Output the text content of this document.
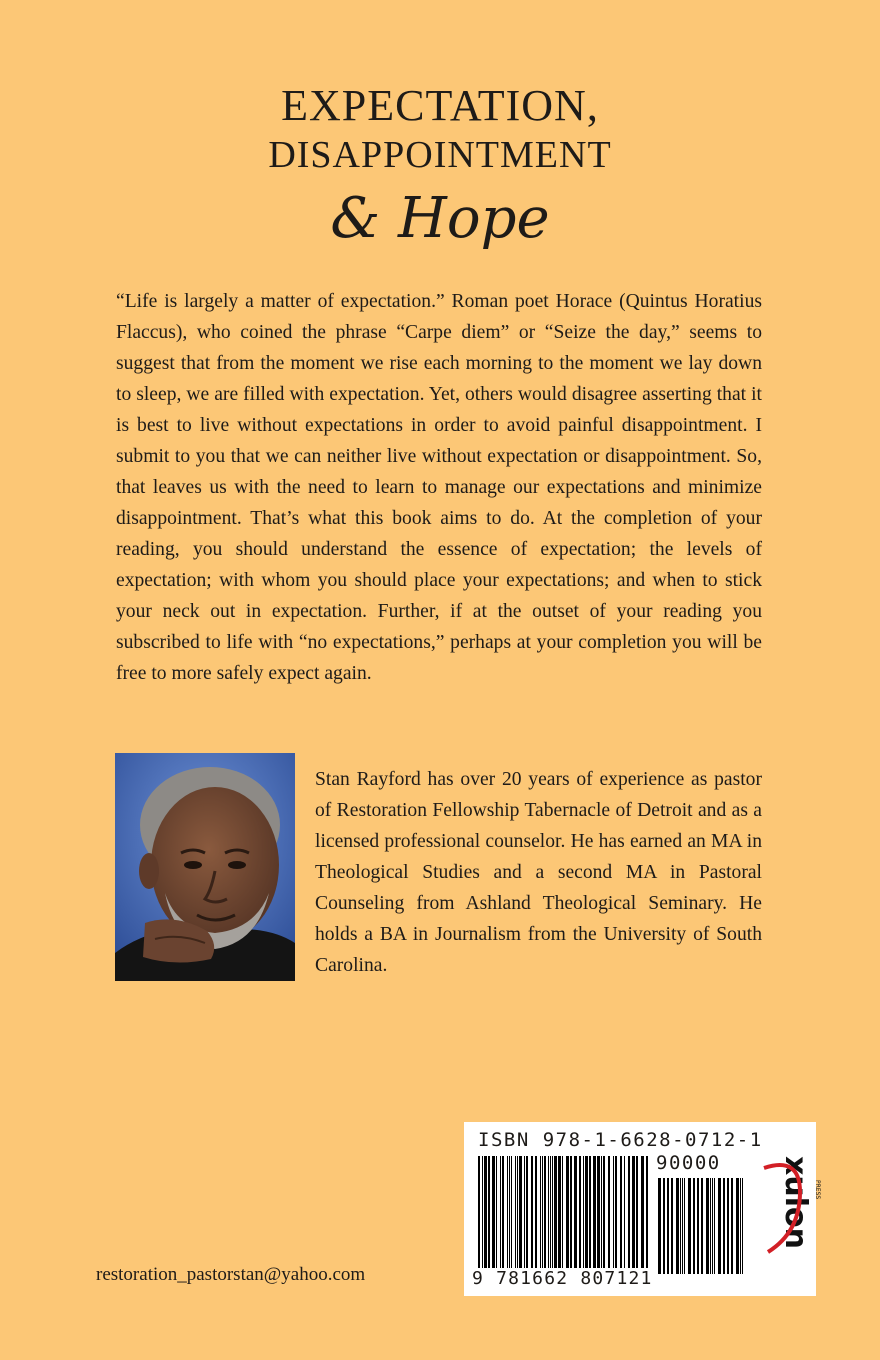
EXPECTATION,
DISAPPOINTMENT
& Hope

“Life is largely a matter of expectation.” Roman poet Horace (Quintus Horatius Flaccus), who coined the phrase “Carpe diem” or “Seize the day,” seems to suggest that from the moment we rise each morning to the moment we lay down to sleep, we are filled with expectation. Yet, others would disagree asserting that it is best to live without expectations in order to avoid painful disappointment. I submit to you that we can neither live without expectation or disappointment. So, that leaves us with the need to learn to manage our expectations and minimize disappointment. That’s what this book aims to do. At the completion of your reading, you should understand the essence of expectation; the levels of expectation; with whom you should place your expectations; and when to stick your neck out in expectation. Further, if at the outset of your reading you subscribed to life with “no expectations,” perhaps at your completion you will be free to more safely expect again.

Stan Rayford has over 20 years of experience as pastor of Restoration Fellowship Tabernacle of Detroit and as a licensed professional counselor. He has earned an MA in Theological Studies and a second MA in Pastoral Counseling from Ashland Theological Seminary. He holds a BA in Journalism from the University of South Carolina.

restoration_pastorstan@yahoo.com

ISBN 978-1-6628-0712-1

90000

9 781662 807121

xulon PRESS
